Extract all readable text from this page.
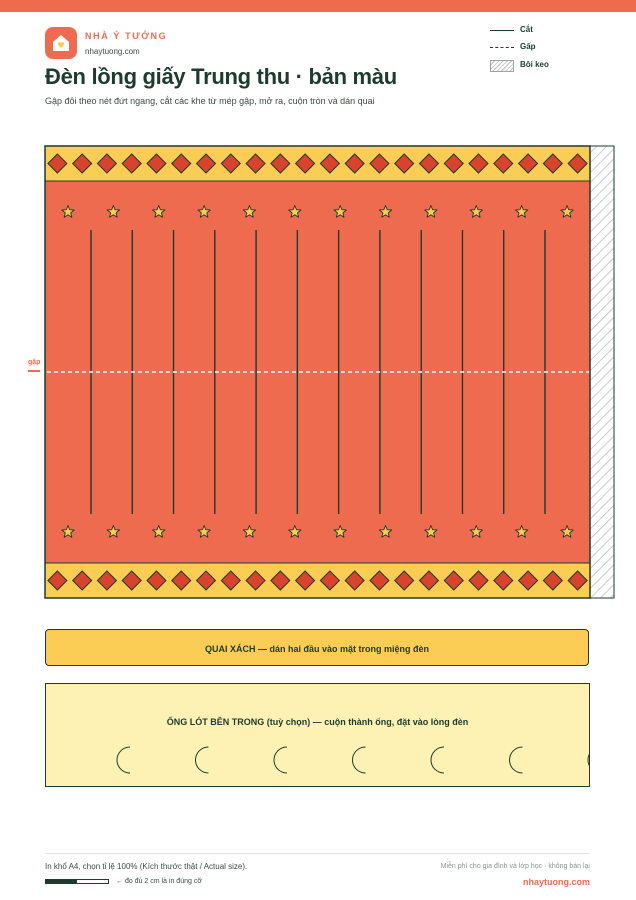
NHÀ Ý TƯỞNG
nhaytuong.com
Đèn lồng giấy Trung thu · bản màu
Gập đôi theo nét đứt ngang, cắt các khe từ mép gập, mở ra, cuộn tròn và dán quai
Cắt
Gấp
Bôi keo
gập
QUAI XÁCH — dán hai đầu vào mặt trong miệng đèn
ỐNG LÓT BÊN TRONG (tuỳ chọn) — cuộn thành ống, đặt vào lòng đèn
In khổ A4, chọn tỉ lệ 100% (Kích thước thật / Actual size).
← đo đủ 2 cm là in đúng cỡ
Miễn phí cho gia đình và lớp học · không bán lại
nhaytuong.com
